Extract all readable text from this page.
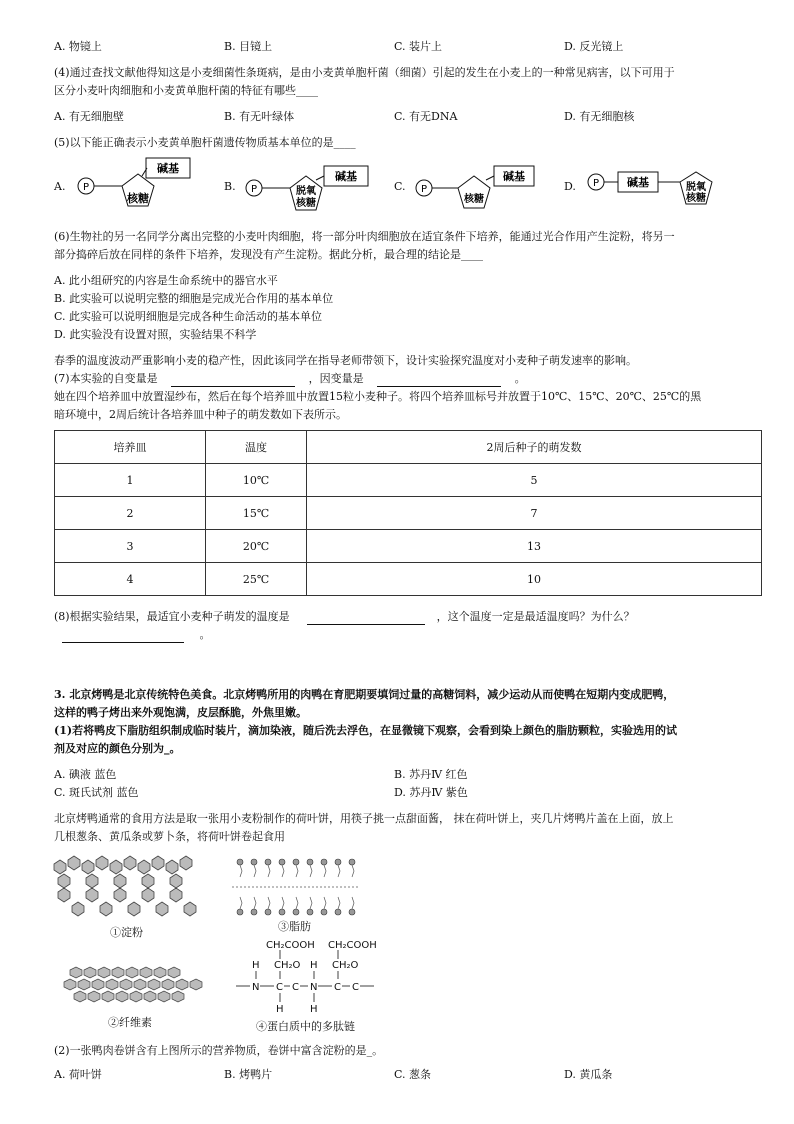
A. 物镜上	B. 目镜上	C. 装片上	D. 反光镜上
(4)通过查找文献他得知这是小麦细菌性条斑病，是由小麦黄单胞杆菌（细菌）引起的发生在小麦上的一种常见病害，以下可用于
区分小麦叶肉细胞和小麦黄单胞杆菌的特征有哪些____
A. 有无细胞壁	B. 有无叶绿体	C. 有无DNA	D. 有无细胞核
(5)以下能正确表示小麦黄单胞杆菌遗传物质基本单位的是____
A.	B.	C.	D.
P
核糖
碱基
P	脱氧
核糖
碱基
P
核糖
碱基
P	碱基	脱氧
核糖
(6)生物社的另一名同学分离出完整的小麦叶肉细胞，将一部分叶肉细胞放在适宜条件下培养，能通过光合作用产生淀粉，将另一
部分捣碎后放在同样的条件下培养，发现没有产生淀粉。据此分析，最合理的结论是____
A. 此小组研究的内容是生命系统中的器官水平
B. 此实验可以说明完整的细胞是完成光合作用的基本单位
C. 此实验可以说明细胞是完成各种生命活动的基本单位
D. 此实验没有设置对照，实验结果不科学
春季的温度波动严重影响小麦的稳产性，因此该同学在指导老师带领下，设计实验探究温度对小麦种子萌发速率的影响。
(7)本实验的自变量是	，因变量是	。
她在四个培养皿中放置湿纱布，然后在每个培养皿中放置15粒小麦种子。将四个培养皿标号并放置于10℃、15℃、20℃、25℃的黑
暗环境中，2周后统计各培养皿中种子的萌发数如下表所示。
培养皿	温度	2周后种子的萌发数
1	10℃	5
2	15℃	7
3	20℃	13
4	25℃	10
(8)根据实验结果，最适宜小麦种子萌发的温度是	，这个温度一定是最适温度吗？为什么？
。
3. 北京烤鸭是北京传统特色美食。北京烤鸭所用的肉鸭在育肥期要填饲过量的高糖饲料，减少运动从而使鸭在短期内变成肥鸭，
这样的鸭子烤出来外观饱满，皮层酥脆，外焦里嫩。
(1)若将鸭皮下脂肪组织制成临时装片，滴加染液，随后洗去浮色，在显微镜下观察，会看到染上颜色的脂肪颗粒，实验选用的试
剂及对应的颜色分别为_。
A. 碘液 蓝色	B. 苏丹Ⅳ 红色
C. 斑氏试剂 蓝色	D. 苏丹Ⅳ 紫色
北京烤鸭通常的食用方法是取一张用小麦粉制作的荷叶饼，用筷子挑一点甜面酱， 抹在荷叶饼上，夹几片烤鸭片盖在上面，放上
几根葱条、黄瓜条或萝卜条，将荷叶饼卷起食用
①淀粉	③脂肪
②纤维素
CH₂COOH CH₂COOH
H CH₂O H CH₂O
N C C N C C
H	H
④蛋白质中的多肽链
(2)一张鸭肉卷饼含有上图所示的营养物质，卷饼中富含淀粉的是_。
A. 荷叶饼	B. 烤鸭片	C. 葱条	D. 黄瓜条
